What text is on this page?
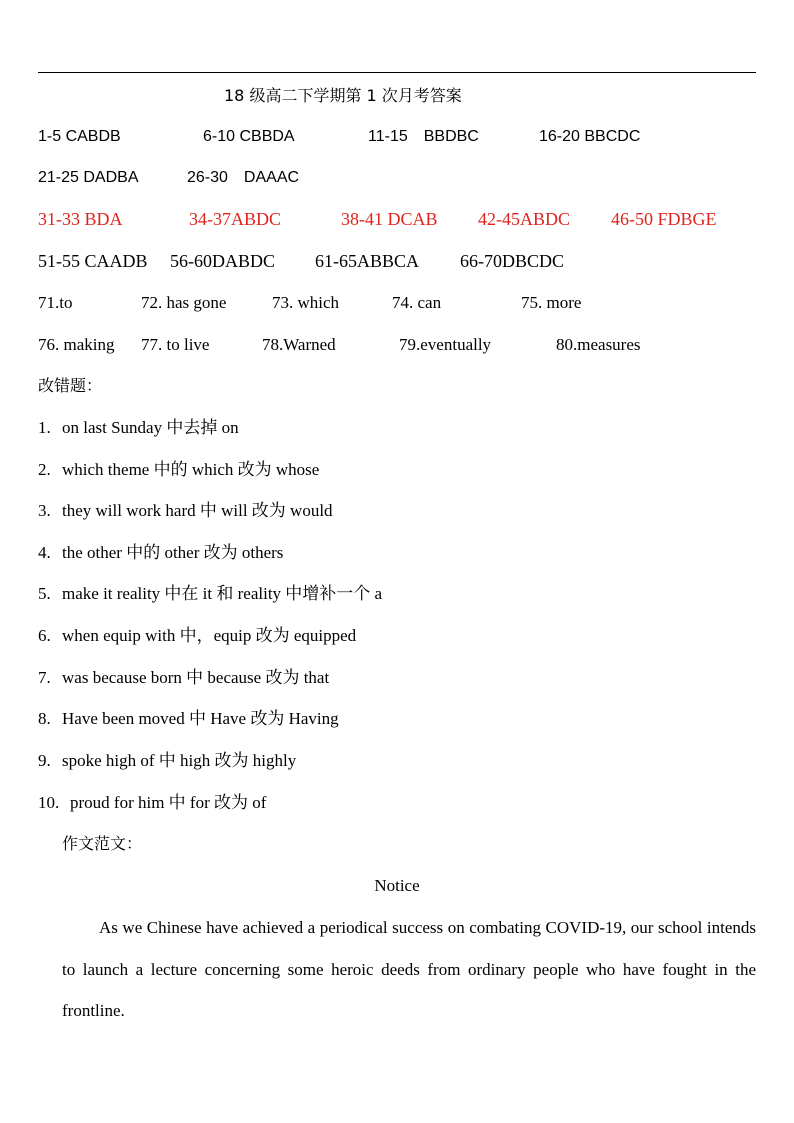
18 级高二下学期第 1 次月考答案
1-5 CABDB	6-10 CBBDA	11-15　BBDBC	16-20 BBCDC
21-25 DADBA	26-30　DAAAC
31-33 BDA	34-37ABDC	38-41 DCAB 42-45ABDC 46-50 FDBGE
51-55 CAADB 56-60DABDC 61-65ABBCA 66-70DBCDC
71.to	72. has gone	73. which	74. can	75. more
76. making 77. to live	78.Warned	79.eventually	80.measures
改错题：
1. on last Sunday 中去掉 on
2. which theme 中的 which 改为 whose
3. they will work hard 中 will 改为 would
4. the other 中的 other 改为 others
5. make it reality 中在 it 和 reality 中增补一个 a
6. when equip with 中，equip 改为 equipped
7. was because born 中 because 改为 that
8. Have been moved 中 Have 改为 Having
9. spoke high of 中 high 改为 highly
10. proud for him 中 for 改为 of
作文范文：
Notice
As we Chinese have achieved a periodical success on combating COVID-19, our school intends to launch a lecture concerning some heroic deeds from ordinary people who have fought in the frontline.
